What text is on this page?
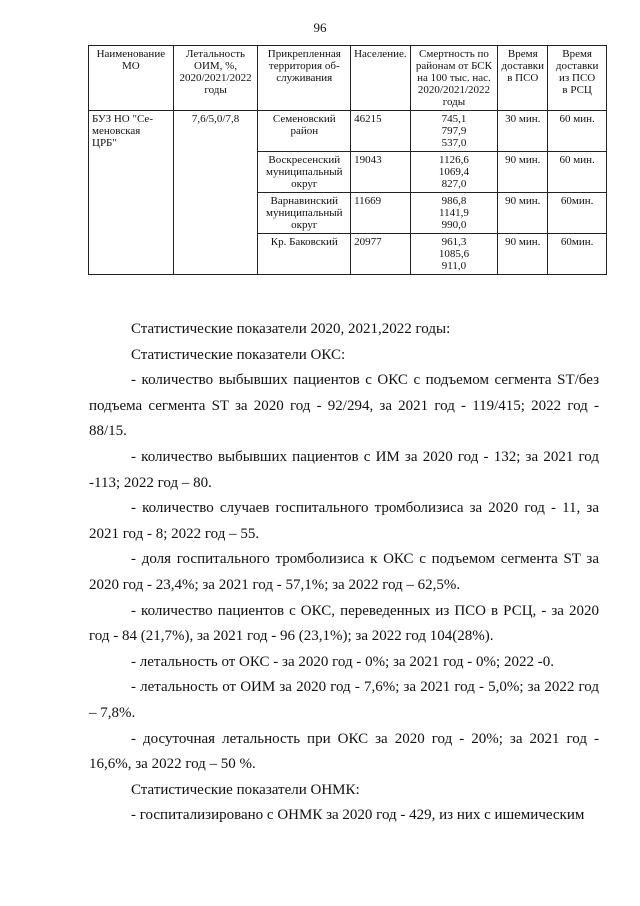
96
Наименование
МО	Летальность
ОИМ, %,
2020/2021/2022
годы	Прикрепленная
территория об-
служивания	Население.	Смертность по
районам от БСК
на 100 тыс. нас.
2020/2021/2022
годы	Время
доставки
в ПСО	Время
доставки
из ПСО
в РСЦ
БУЗ НО "Се-
меновская
ЦРБ"	7,6/5,0/7,8	Семеновский
район	46215	745,1
797,9
537,0	30 мин.	60 мин.
		Воскресенский
муниципальный
округ	19043	1126,6
1069,4
827,0	90 мин.	60 мин.
		Варнавинский
муниципальный
округ	11669	986,8
1141,9
990,0	90 мин.	60мин.
		Кр. Баковский	20977	961,3
1085,6
911,0	90 мин.	60мин.

Статистические показатели 2020, 2021,2022 годы:

Статистические показатели ОКС:

- количество выбывших пациентов с ОКС с подъемом сегмента ST/без подъема сегмента ST за 2020 год - 92/294, за 2021 год - 119/415; 2022 год - 88/15.

- количество выбывших пациентов с ИМ за 2020 год - 132; за 2021 год -113; 2022 год – 80.

- количество случаев госпитального тромболизиса за 2020 год - 11, за 2021 год - 8; 2022 год – 55.

- доля госпитального тромболизиса к ОКС с подъемом сегмента ST за 2020 год - 23,4%; за 2021 год - 57,1%; за 2022 год – 62,5%.

- количество пациентов с ОКС, переведенных из ПСО в РСЦ, - за 2020 год - 84 (21,7%), за 2021 год - 96 (23,1%); за 2022 год 104(28%).

- летальность от ОКС - за 2020 год - 0%; за 2021 год - 0%; 2022 -0.

- летальность от ОИМ за 2020 год - 7,6%; за 2021 год - 5,0%; за 2022 год – 7,8%.

- досуточная летальность при ОКС за 2020 год - 20%; за 2021 год - 16,6%, за 2022 год – 50 %.

Статистические показатели ОНМК:

- госпитализировано с ОНМК за 2020 год - 429, из них с ишемическим
